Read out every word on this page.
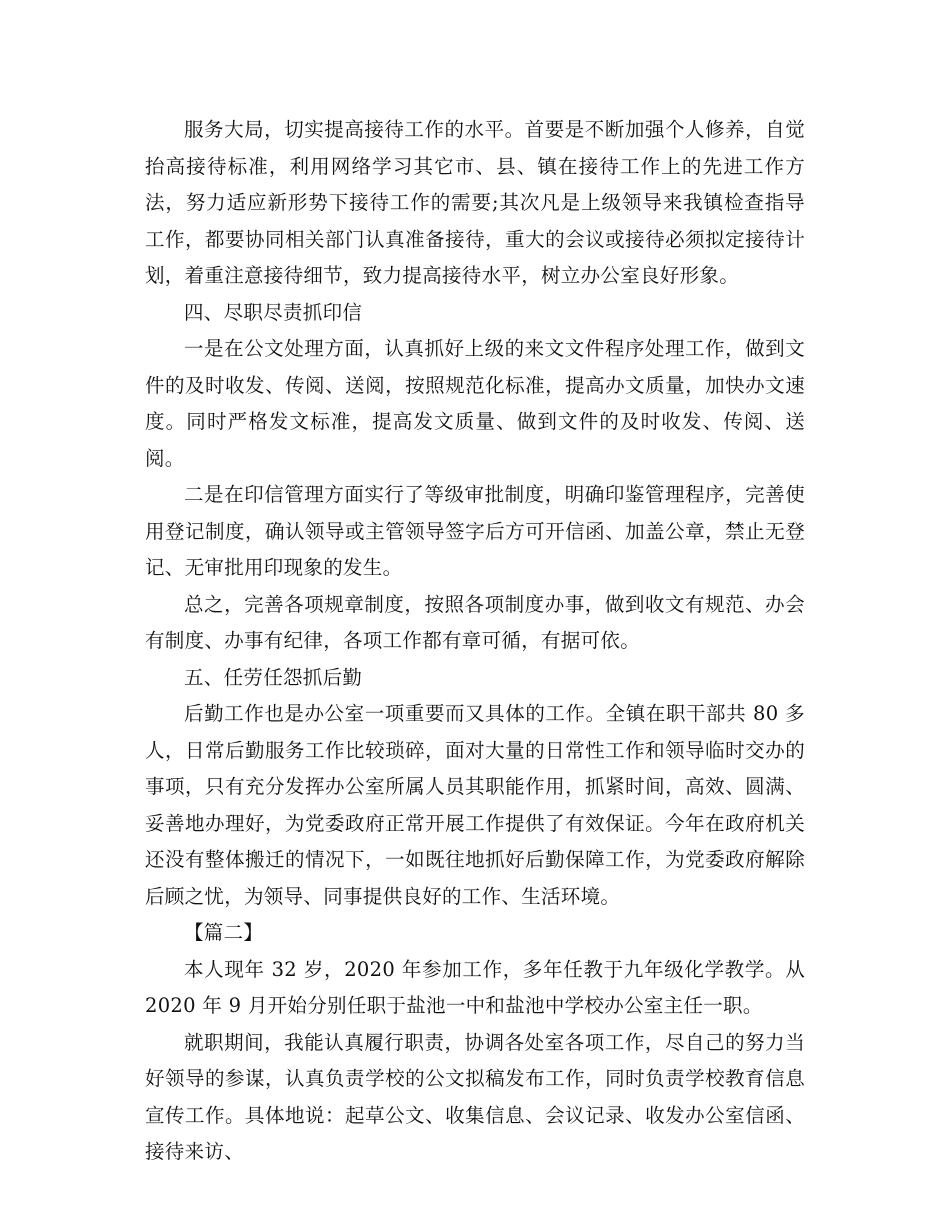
服务大局，切实提高接待工作的水平。首要是不断加强个人修养，自觉抬高接待标准，利用网络学习其它市、县、镇在接待工作上的先进工作方法，努力适应新形势下接待工作的需要;其次凡是上级领导来我镇检查指导工作，都要协同相关部门认真准备接待，重大的会议或接待必须拟定接待计划，着重注意接待细节，致力提高接待水平，树立办公室良好形象。

四、尽职尽责抓印信

一是在公文处理方面，认真抓好上级的来文文件程序处理工作，做到文件的及时收发、传阅、送阅，按照规范化标准，提高办文质量，加快办文速度。同时严格发文标准，提高发文质量、做到文件的及时收发、传阅、送阅。

二是在印信管理方面实行了等级审批制度，明确印鉴管理程序，完善使用登记制度，确认领导或主管领导签字后方可开信函、加盖公章，禁止无登记、无审批用印现象的发生。

总之，完善各项规章制度，按照各项制度办事，做到收文有规范、办会有制度、办事有纪律，各项工作都有章可循，有据可依。

五、任劳任怨抓后勤

后勤工作也是办公室一项重要而又具体的工作。全镇在职干部共 80 多人，日常后勤服务工作比较琐碎，面对大量的日常性工作和领导临时交办的事项，只有充分发挥办公室所属人员其职能作用，抓紧时间，高效、圆满、妥善地办理好，为党委政府正常开展工作提供了有效保证。今年在政府机关还没有整体搬迁的情况下，一如既往地抓好后勤保障工作，为党委政府解除后顾之忧，为领导、同事提供良好的工作、生活环境。

【篇二】

本人现年 32 岁，2020 年参加工作，多年任教于九年级化学教学。从 2020 年 9 月开始分别任职于盐池一中和盐池中学校办公室主任一职。

就职期间，我能认真履行职责，协调各处室各项工作，尽自己的努力当好领导的参谋，认真负责学校的公文拟稿发布工作，同时负责学校教育信息宣传工作。具体地说：起草公文、收集信息、会议记录、收发办公室信函、接待来访、
